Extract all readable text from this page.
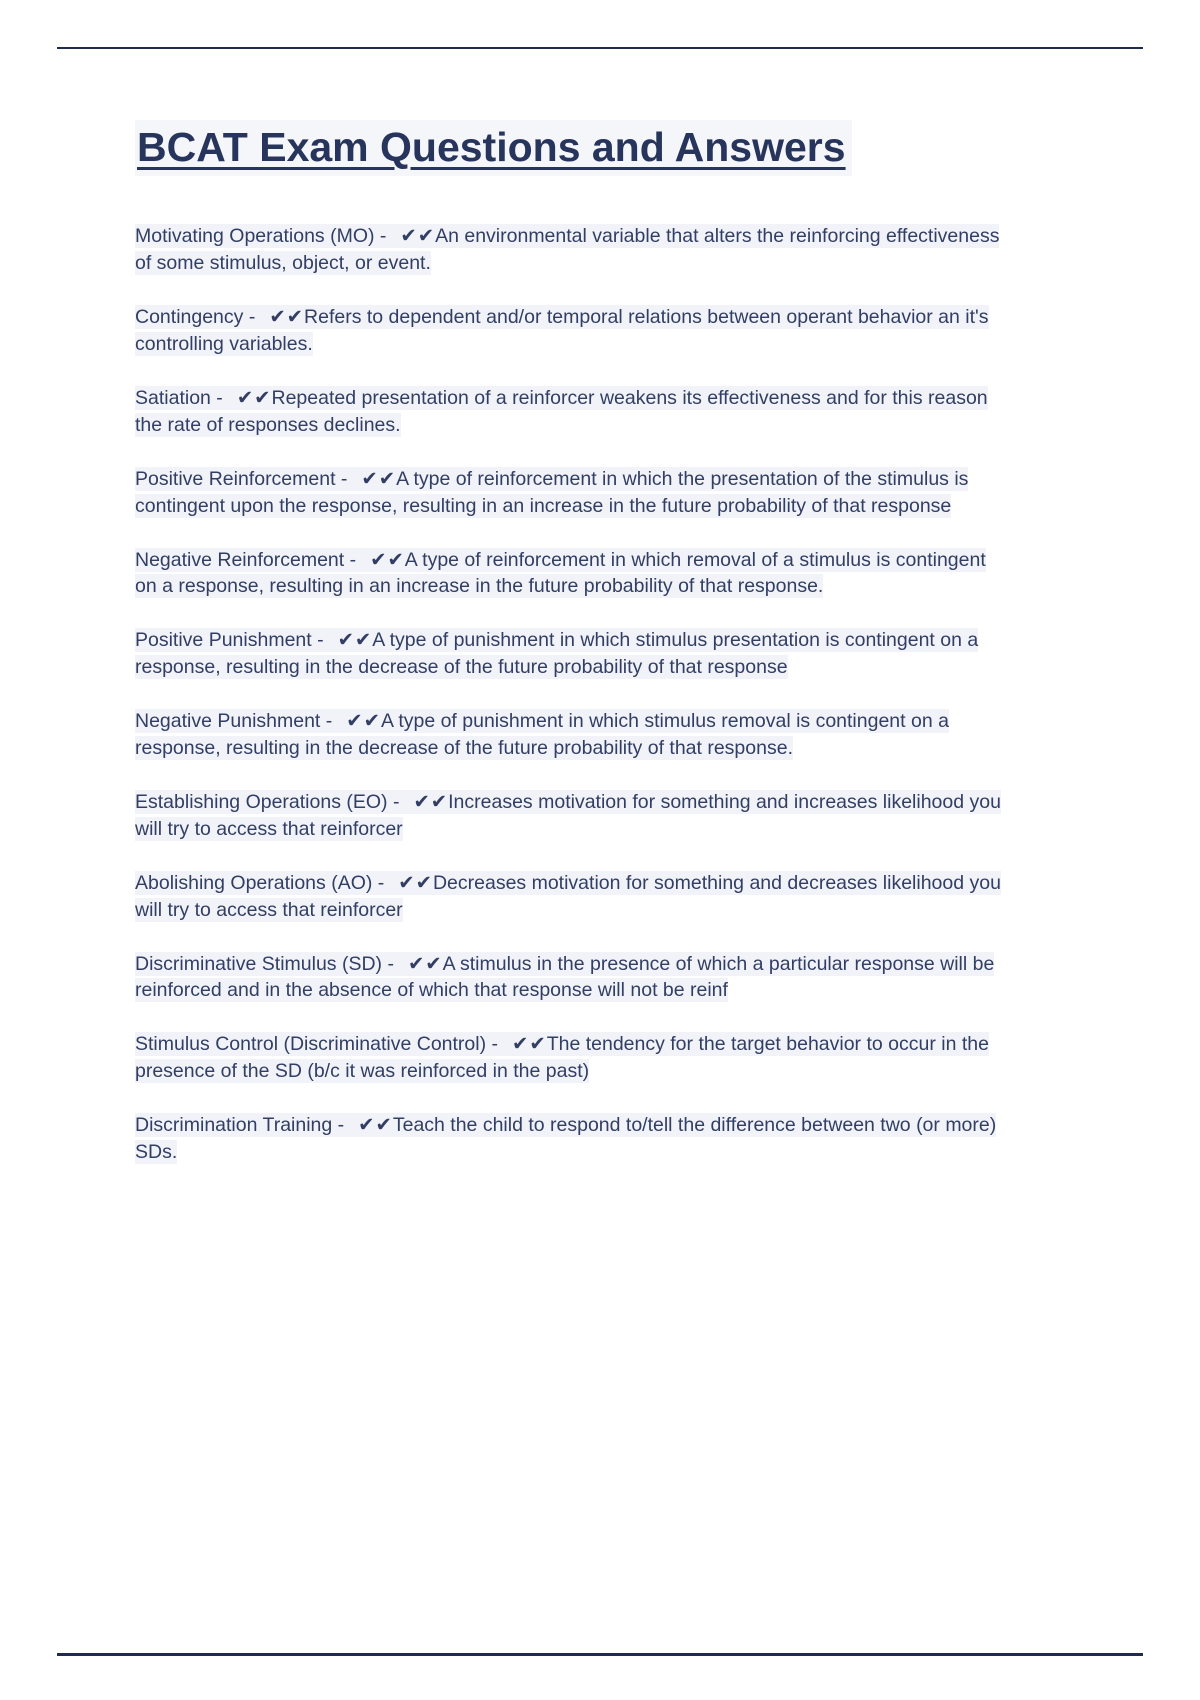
BCAT Exam Questions and Answers

Motivating Operations (MO) - ✔✔An environmental variable that alters the reinforcing effectiveness of some stimulus, object, or event.

Contingency - ✔✔Refers to dependent and/or temporal relations between operant behavior an it's controlling variables.

Satiation - ✔✔Repeated presentation of a reinforcer weakens its effectiveness and for this reason the rate of responses declines.

Positive Reinforcement - ✔✔A type of reinforcement in which the presentation of the stimulus is contingent upon the response, resulting in an increase in the future probability of that response

Negative Reinforcement - ✔✔A type of reinforcement in which removal of a stimulus is contingent on a response, resulting in an increase in the future probability of that response.

Positive Punishment - ✔✔A type of punishment in which stimulus presentation is contingent on a response, resulting in the decrease of the future probability of that response

Negative Punishment - ✔✔A type of punishment in which stimulus removal is contingent on a response, resulting in the decrease of the future probability of that response.

Establishing Operations (EO) - ✔✔Increases motivation for something and increases likelihood you will try to access that reinforcer

Abolishing Operations (AO) - ✔✔Decreases motivation for something and decreases likelihood you will try to access that reinforcer

Discriminative Stimulus (SD) - ✔✔A stimulus in the presence of which a particular response will be reinforced and in the absence of which that response will not be reinf

Stimulus Control (Discriminative Control) - ✔✔The tendency for the target behavior to occur in the presence of the SD (b/c it was reinforced in the past)

Discrimination Training - ✔✔Teach the child to respond to/tell the difference between two (or more) SDs.
